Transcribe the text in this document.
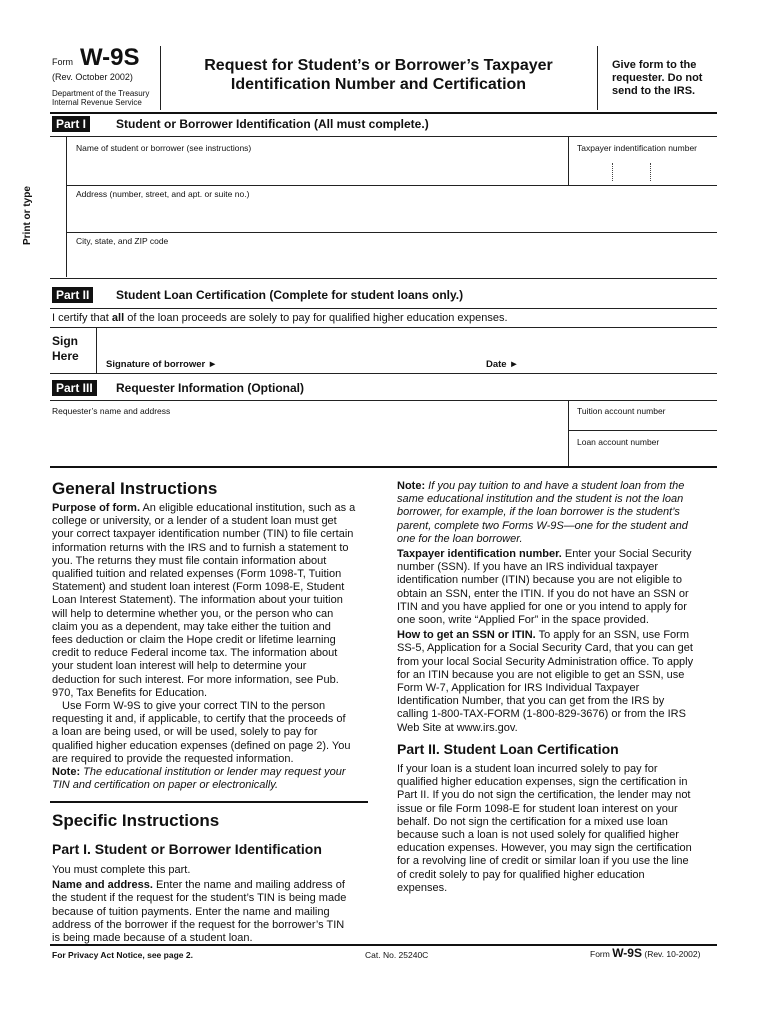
Form W-9S
(Rev. October 2002)
Department of the Treasury
Internal Revenue Service
Request for Student’s or Borrower’s Taxpayer
Identification Number and Certification
Give form to the
requester. Do not
send to the IRS.
Part I	Student or Borrower Identification (All must complete.)
Print or type
Name of student or borrower (see instructions)	Taxpayer indentification number
Address (number, street, and apt. or suite no.)
City, state, and ZIP code
Part II	Student Loan Certification (Complete for student loans only.)
I certify that all of the loan proceeds are solely to pay for qualified higher education expenses.
Sign
Here
Signature of borrower ►	Date ►
Part III	Requester Information (Optional)
Requester’s name and address	Tuition account number
Loan account number
General Instructions
Purpose of form. An eligible educational institution, such as a
college or university, or a lender of a student loan must get
your correct taxpayer identification number (TIN) to file certain
information returns with the IRS and to furnish a statement to
you. The returns they must file contain information about
qualified tuition and related expenses (Form 1098-T, Tuition
Statement) and student loan interest (Form 1098-E, Student
Loan Interest Statement). The information about your tuition
will help to determine whether you, or the person who can
claim you as a dependent, may take either the tuition and
fees deduction or claim the Hope credit or lifetime learning
credit to reduce Federal income tax. The information about
your student loan interest will help to determine your
deduction for such interest. For more information, see Pub.
970, Tax Benefits for Education.
Use Form W-9S to give your correct TIN to the person
requesting it and, if applicable, to certify that the proceeds of
a loan are being used, or will be used, solely to pay for
qualified higher education expenses (defined on page 2). You
are required to provide the requested information.
Note: The educational institution or lender may request your
TIN and certification on paper or electronically.
Specific Instructions
Part I. Student or Borrower Identification
You must complete this part.
Name and address. Enter the name and mailing address of
the student if the request for the student’s TIN is being made
because of tuition payments. Enter the name and mailing
address of the borrower if the request for the borrower’s TIN
is being made because of a student loan.
Note: If you pay tuition to and have a student loan from the
same educational institution and the student is not the loan
borrower, for example, if the loan borrower is the student’s
parent, complete two Forms W-9S—one for the student and
one for the loan borrower.
Taxpayer identification number. Enter your Social Security
number (SSN). If you have an IRS individual taxpayer
identification number (ITIN) because you are not eligible to
obtain an SSN, enter the ITIN. If you do not have an SSN or
ITIN and you have applied for one or you intend to apply for
one soon, write “Applied For” in the space provided.
How to get an SSN or ITIN. To apply for an SSN, use Form
SS-5, Application for a Social Security Card, that you can get
from your local Social Security Administration office. To apply
for an ITIN because you are not eligible to get an SSN, use
Form W-7, Application for IRS Individual Taxpayer
Identification Number, that you can get from the IRS by
calling 1-800-TAX-FORM (1-800-829-3676) or from the IRS
Web Site at www.irs.gov.
Part II. Student Loan Certification
If your loan is a student loan incurred solely to pay for
qualified higher education expenses, sign the certification in
Part II. If you do not sign the certification, the lender may not
issue or file Form 1098-E for student loan interest on your
behalf. Do not sign the certification for a mixed use loan
because such a loan is not used solely for qualified higher
education expenses. However, you may sign the certification
for a revolving line of credit or similar loan if you use the line
of credit solely to pay for qualified higher education
expenses.
For Privacy Act Notice, see page 2.	Cat. No. 25240C	Form W-9S (Rev. 10-2002)
